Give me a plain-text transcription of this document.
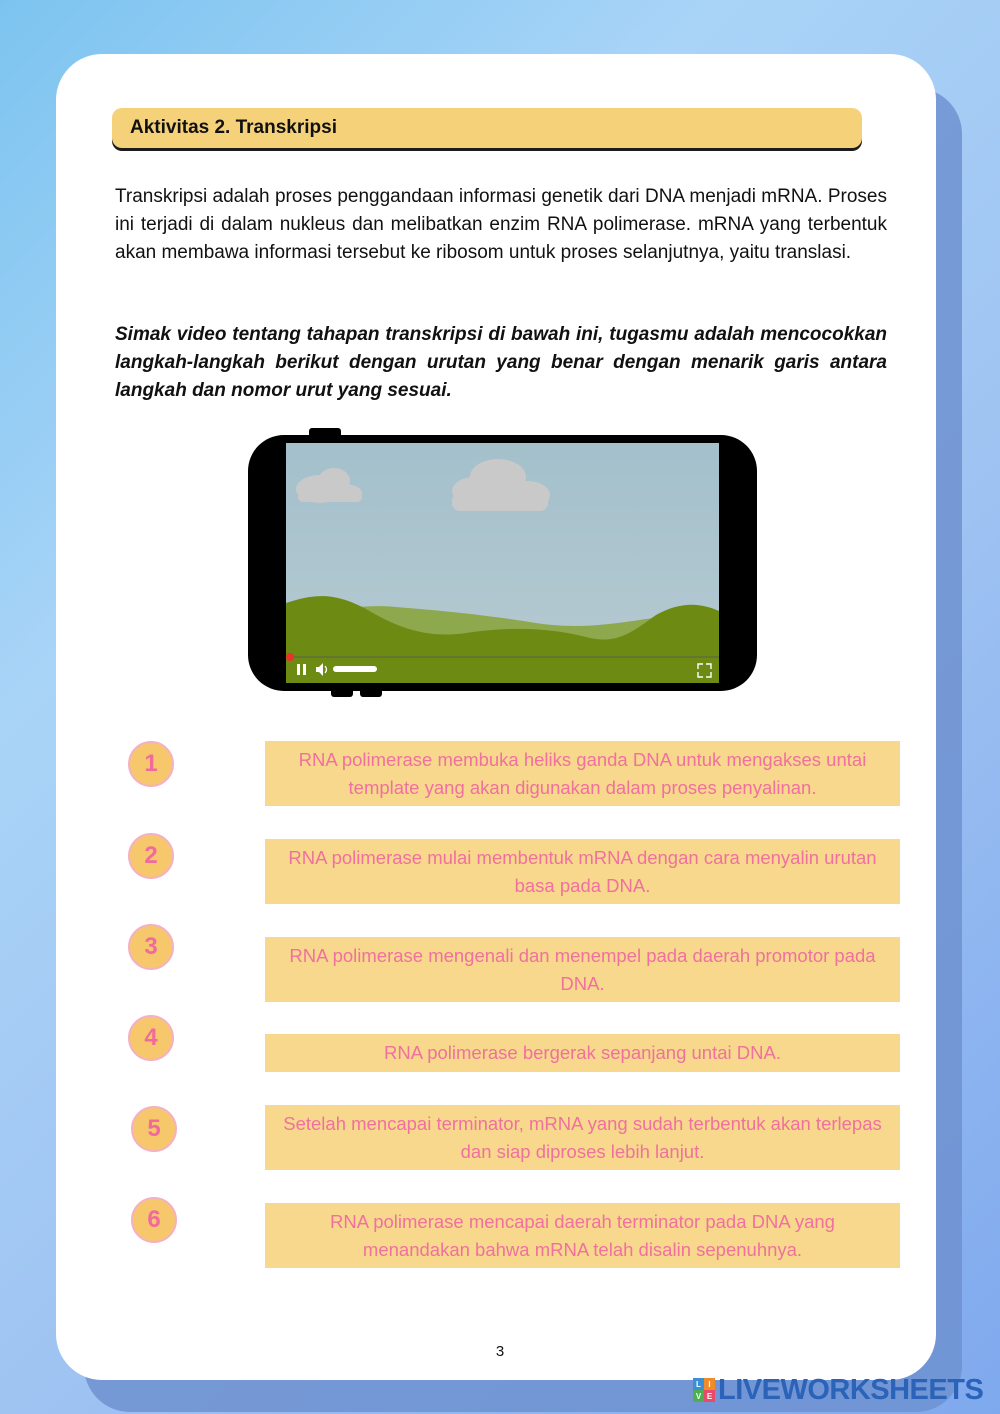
Aktivitas 2. Transkripsi
Transkripsi adalah proses penggandaan informasi genetik dari DNA menjadi mRNA. Proses ini terjadi di dalam nukleus dan melibatkan enzim RNA polimerase. mRNA yang terbentuk akan membawa informasi tersebut ke ribosom untuk proses selanjutnya, yaitu translasi.
Simak video tentang tahapan transkripsi di bawah ini, tugasmu adalah mencocokkan langkah-langkah berikut dengan urutan yang benar dengan menarik garis antara langkah dan nomor urut yang sesuai.
1
2
3
4
5
6
RNA polimerase membuka heliks ganda DNA untuk mengakses untai template yang akan digunakan dalam proses penyalinan.
RNA polimerase mulai membentuk mRNA dengan cara menyalin urutan basa pada DNA.
RNA polimerase mengenali dan menempel pada daerah promotor pada DNA.
RNA polimerase bergerak sepanjang untai DNA.
Setelah mencapai terminator, mRNA yang sudah terbentuk akan terlepas dan siap diproses lebih lanjut.
RNA polimerase mencapai daerah terminator pada DNA yang menandakan bahwa mRNA telah disalin sepenuhnya.
3
L I
V E LIVEWORKSHEETS
